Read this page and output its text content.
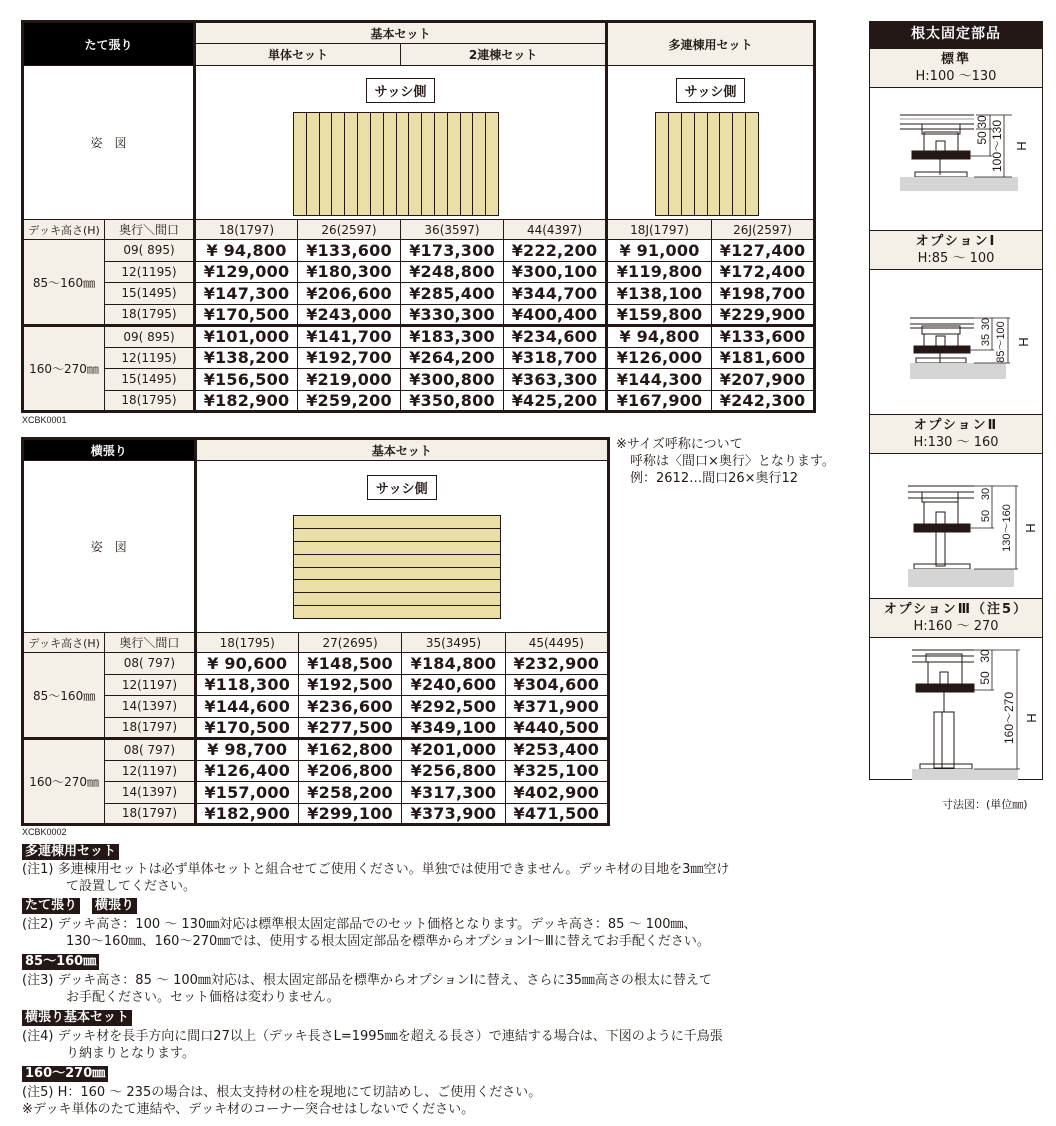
たて張り		基本セット				多連棟用セット	
		単体セット		2連棟セット			
姿　図		サッシ側				サッシ側	

デッキ高さ(H)	奥行＼間口	18(1797)	26(2597)	36(3597)	44(4397)	18J(1797)	26J(2597)
85〜160㎜	09( 895)	¥ 94,800	¥133,600	¥173,300	¥222,200	¥ 91,000	¥127,400
	12(1195)	¥129,000	¥180,300	¥248,800	¥300,100	¥119,800	¥172,400
	15(1495)	¥147,300	¥206,600	¥285,400	¥344,700	¥138,100	¥198,700
	18(1795)	¥170,500	¥243,000	¥330,300	¥400,400	¥159,800	¥229,900
160〜270㎜	09( 895)	¥101,000	¥141,700	¥183,300	¥234,600	¥ 94,800	¥133,600
	12(1195)	¥138,200	¥192,700	¥264,200	¥318,700	¥126,000	¥181,600
	15(1495)	¥156,500	¥219,000	¥300,800	¥363,300	¥144,300	¥207,900
	18(1795)	¥182,900	¥259,200	¥350,800	¥425,200	¥167,900	¥242,300
XCBK0001
横張り		基本セット			
姿　図		サッシ側			

デッキ高さ(H)	奥行＼間口	18(1795)	27(2695)	35(3495)	45(4495)
85〜160㎜	08( 797)	¥ 90,600	¥148,500	¥184,800	¥232,900
	12(1197)	¥118,300	¥192,500	¥240,600	¥304,600
	14(1397)	¥144,600	¥236,600	¥292,500	¥371,900
	18(1797)	¥170,500	¥277,500	¥349,100	¥440,500
160〜270㎜	08( 797)	¥ 98,700	¥162,800	¥201,000	¥253,400
	12(1197)	¥126,400	¥206,800	¥256,800	¥325,100
	14(1397)	¥157,000	¥258,200	¥317,300	¥402,900
	18(1797)	¥182,900	¥299,100	¥373,900	¥471,500
XCBK0002
※サイズ呼称について
呼称は〈間口×奥行〉となります。
例：2612…間口26×奥行12
根太固定部品
標準
H:100 〜130
50
30 100〜130 H
オプションⅠ
H:85 〜 100
35
30 85〜100 H
オプションⅡ
H:130 〜 160
50
30
130〜160 H
オプションⅢ（注5）
H:160 〜 270
50
30
160〜270 H
寸法図：(単位㎜)
多連棟用セット
(注1) 多連棟用セットは必ず単体セットと組合せてご使用ください。単独では使用できません。デッキ材の目地を3㎜空け
て設置してください。
たて張り 横張り
(注2) デッキ高さ：100 〜 130㎜対応は標準根太固定部品でのセット価格となります。デッキ高さ：85 〜 100㎜、
130〜160㎜、160〜270㎜では、使用する根太固定部品を標準からオプションⅠ〜Ⅲに替えてお手配ください。
85〜160㎜
(注3) デッキ高さ：85 〜 100㎜対応は、根太固定部品を標準からオプションⅠに替え、さらに35㎜高さの根太に替えて
お手配ください。セット価格は変わりません。
横張り基本セット
(注4) デッキ材を長手方向に間口27以上（デッキ長さL=1995㎜を超える長さ）で連結する場合は、下図のように千鳥張
り納まりとなります。
160〜270㎜
(注5) H：160 〜 235の場合は、根太支持材の柱を現地にて切詰めし、ご使用ください。
※デッキ単体のたて連結や、デッキ材のコーナー突合せはしないでください。
